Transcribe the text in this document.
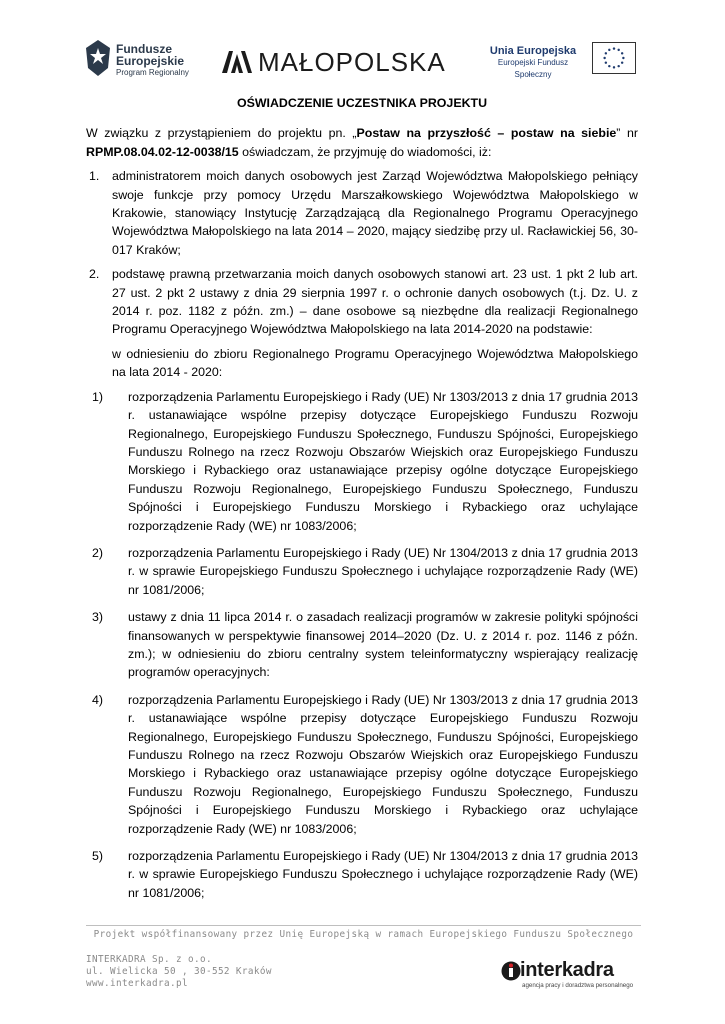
Fundusze
Europejskie
Program Regionalny	MAŁOPOLSKA	Unia Europejska
Europejski Fundusz Społeczny
OŚWIADCZENIE UCZESTNIKA PROJEKTU

W związku z przystąpieniem do projektu pn. „Postaw na przyszłość – postaw na siebie” nr RPMP.08.04.02-12-0038/15 oświadczam, że przyjmuję do wiadomości, iż:

1. administratorem moich danych osobowych jest Zarząd Województwa Małopolskiego pełniący swoje funkcje przy pomocy Urzędu Marszałkowskiego Województwa Małopolskiego w Krakowie, stanowiący Instytucję Zarządzającą dla Regionalnego Programu Operacyjnego Województwa Małopolskiego na lata 2014 – 2020, mający siedzibę przy ul. Racławickiej 56, 30-017 Kraków;
2. podstawę prawną przetwarzania moich danych osobowych stanowi art. 23 ust. 1 pkt 2 lub art. 27 ust. 2 pkt 2 ustawy z dnia 29 sierpnia 1997 r. o ochronie danych osobowych (t.j. Dz. U. z 2014 r. poz. 1182 z późn. zm.) – dane osobowe są niezbędne dla realizacji Regionalnego Programu Operacyjnego Województwa Małopolskiego na lata 2014-2020 na podstawie:
w odniesieniu do zbioru Regionalnego Programu Operacyjnego Województwa Małopolskiego na lata 2014 - 2020:
1) rozporządzenia Parlamentu Europejskiego i Rady (UE) Nr 1303/2013 z dnia 17 grudnia 2013 r. ustanawiające wspólne przepisy dotyczące Europejskiego Funduszu Rozwoju Regionalnego, Europejskiego Funduszu Społecznego, Funduszu Spójności, Europejskiego Funduszu Rolnego na rzecz Rozwoju Obszarów Wiejskich oraz Europejskiego Funduszu Morskiego i Rybackiego oraz ustanawiające przepisy ogólne dotyczące Europejskiego Funduszu Rozwoju Regionalnego, Europejskiego Funduszu Społecznego, Funduszu Spójności i Europejskiego Funduszu Morskiego i Rybackiego oraz uchylające rozporządzenie Rady (WE) nr 1083/2006;
2) rozporządzenia Parlamentu Europejskiego i Rady (UE) Nr 1304/2013 z dnia 17 grudnia 2013 r. w sprawie Europejskiego Funduszu Społecznego i uchylające rozporządzenie Rady (WE) nr 1081/2006;
3) ustawy z dnia 11 lipca 2014 r. o zasadach realizacji programów w zakresie polityki spójności finansowanych w perspektywie finansowej 2014–2020 (Dz. U. z 2014 r. poz. 1146 z późn. zm.); w odniesieniu do zbioru centralny system teleinformatyczny wspierający realizację programów operacyjnych:
4) rozporządzenia Parlamentu Europejskiego i Rady (UE) Nr 1303/2013 z dnia 17 grudnia 2013 r. ustanawiające wspólne przepisy dotyczące Europejskiego Funduszu Rozwoju Regionalnego, Europejskiego Funduszu Społecznego, Funduszu Spójności, Europejskiego Funduszu Rolnego na rzecz Rozwoju Obszarów Wiejskich oraz Europejskiego Funduszu Morskiego i Rybackiego oraz ustanawiające przepisy ogólne dotyczące Europejskiego Funduszu Rozwoju Regionalnego, Europejskiego Funduszu Społecznego, Funduszu Spójności i Europejskiego Funduszu Morskiego i Rybackiego oraz uchylające rozporządzenie Rady (WE) nr 1083/2006;
5) rozporządzenia Parlamentu Europejskiego i Rady (UE) Nr 1304/2013 z dnia 17 grudnia 2013 r. w sprawie Europejskiego Funduszu Społecznego i uchylające rozporządzenie Rady (WE) nr 1081/2006;
Projekt współfinansowany przez Unię Europejską w ramach Europejskiego Funduszu Społecznego
INTERKADRA Sp. z o.o.
ul. Wielicka 50 , 30-552 Kraków
www.interkadra.pl
interkadra
agencja pracy i doradztwa personalnego
